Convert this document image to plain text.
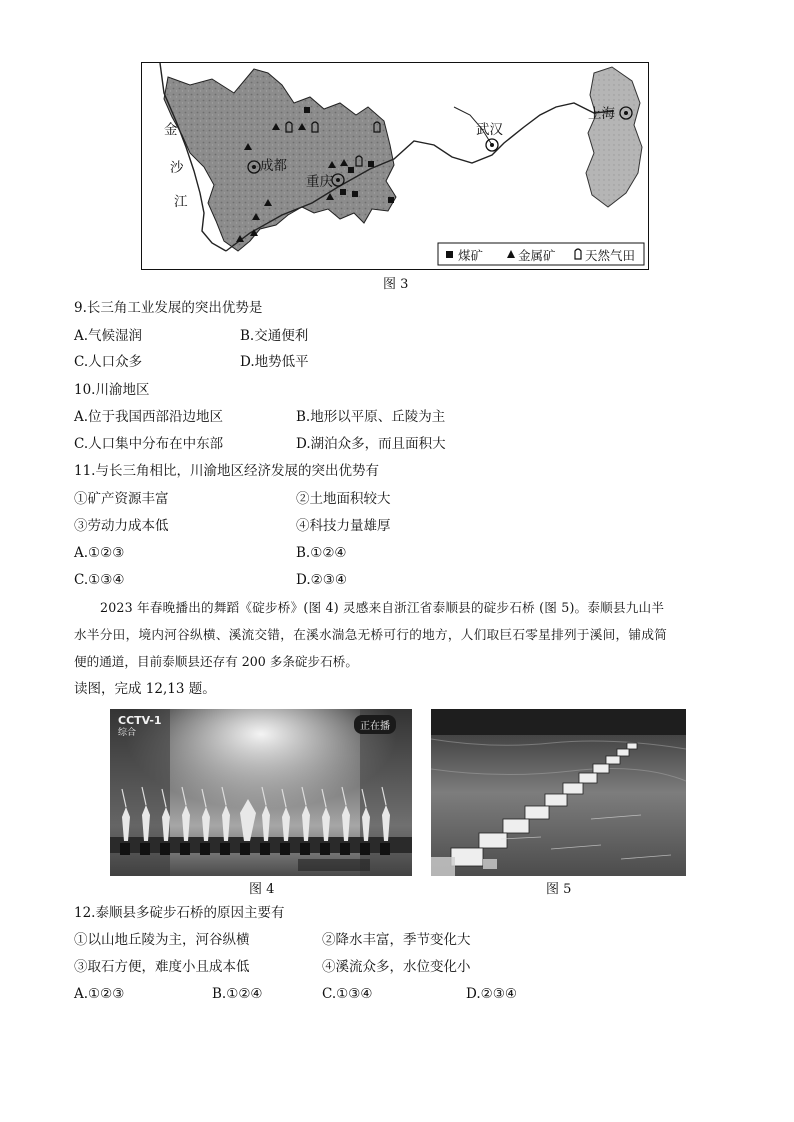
金
沙
江
成都
重庆
武汉
上海
煤矿	金属矿 天然气田
图 3
9.长三角工业发展的突出优势是
A.气候湿润	B.交通便利
C.人口众多	D.地势低平
10.川渝地区
A.位于我国西部沿边地区	B.地形以平原、丘陵为主
C.人口集中分布在中东部	D.湖泊众多，而且面积大
11.与长三角相比，川渝地区经济发展的突出优势有
①矿产资源丰富	②土地面积较大
③劳动力成本低	④科技力量雄厚
A.①②③	B.①②④
C.①③④	D.②③④
2023 年春晚播出的舞蹈《碇步桥》(图 4) 灵感来自浙江省泰顺县的碇步石桥 (图 5)。泰顺县九山半
水半分田，境内河谷纵横、溪流交错，在溪水湍急无桥可行的地方，人们取巨石零星排列于溪间，铺成简
便的通道，目前泰顺县还存有 200 多条碇步石桥。
读图，完成 12,13 题。
CCTV-1
综合
正在播
图 4	图 5
12.泰顺县多碇步石桥的原因主要有
①以山地丘陵为主，河谷纵横	②降水丰富，季节变化大
③取石方便，难度小且成本低	④溪流众多，水位变化小
A.①②③	B.①②④	C.①③④	D.②③④
